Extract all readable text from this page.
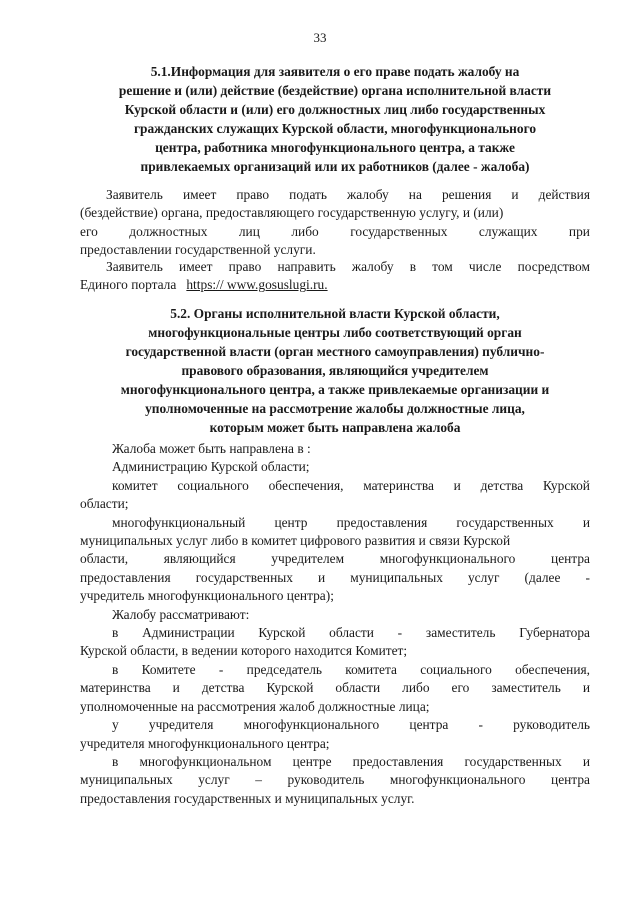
33
5.1.Информация для заявителя о его праве подать жалобу на
решение и (или) действие (бездействие) органа исполнительной власти
Курской области и (или) его должностных лиц либо государственных
гражданских служащих Курской области, многофункционального
центра, работника многофункционального центра, а также
привлекаемых организаций или их работников (далее - жалоба)
Заявитель имеет право подать жалобу на решения и действия
(бездействие) органа, предоставляющего государственную услугу, и (или)
его должностных лиц либо государственных служащих при
предоставлении государственной услуги.
Заявитель имеет право направить жалобу в том числе посредством
Единого портала https:// www.gosuslugi.ru.
5.2. Органы исполнительной власти Курской области,
многофункциональные центры либо соответствующий орган
государственной власти (орган местного самоуправления) публично-
правового образования, являющийся учредителем
многофункционального центра, а также привлекаемые организации и
уполномоченные на рассмотрение жалобы должностные лица,
которым может быть направлена жалоба
Жалоба может быть направлена в :
Администрацию Курской области;
комитет социального обеспечения, материнства и детства Курской
области;
многофункциональный центр предоставления государственных и
муниципальных услуг либо в комитет цифрового развития и связи Курской
области,	являющийся	учредителем	многофункционального	центра
предоставления государственных и муниципальных услуг (далее -
учредитель многофункционального центра);
Жалобу рассматривают:
в Администрации Курской области - заместитель Губернатора
Курской области, в ведении которого находится Комитет;
в Комитете - председатель комитета социального обеспечения,
материнства и детства Курской области либо его заместитель и
уполномоченные на рассмотрения жалоб должностные лица;
у учредителя многофункционального центра - руководитель
учредителя многофункционального центра;
в многофункциональном центре предоставления государственных и
муниципальных услуг – руководитель многофункционального центра
предоставления государственных и муниципальных услуг.
